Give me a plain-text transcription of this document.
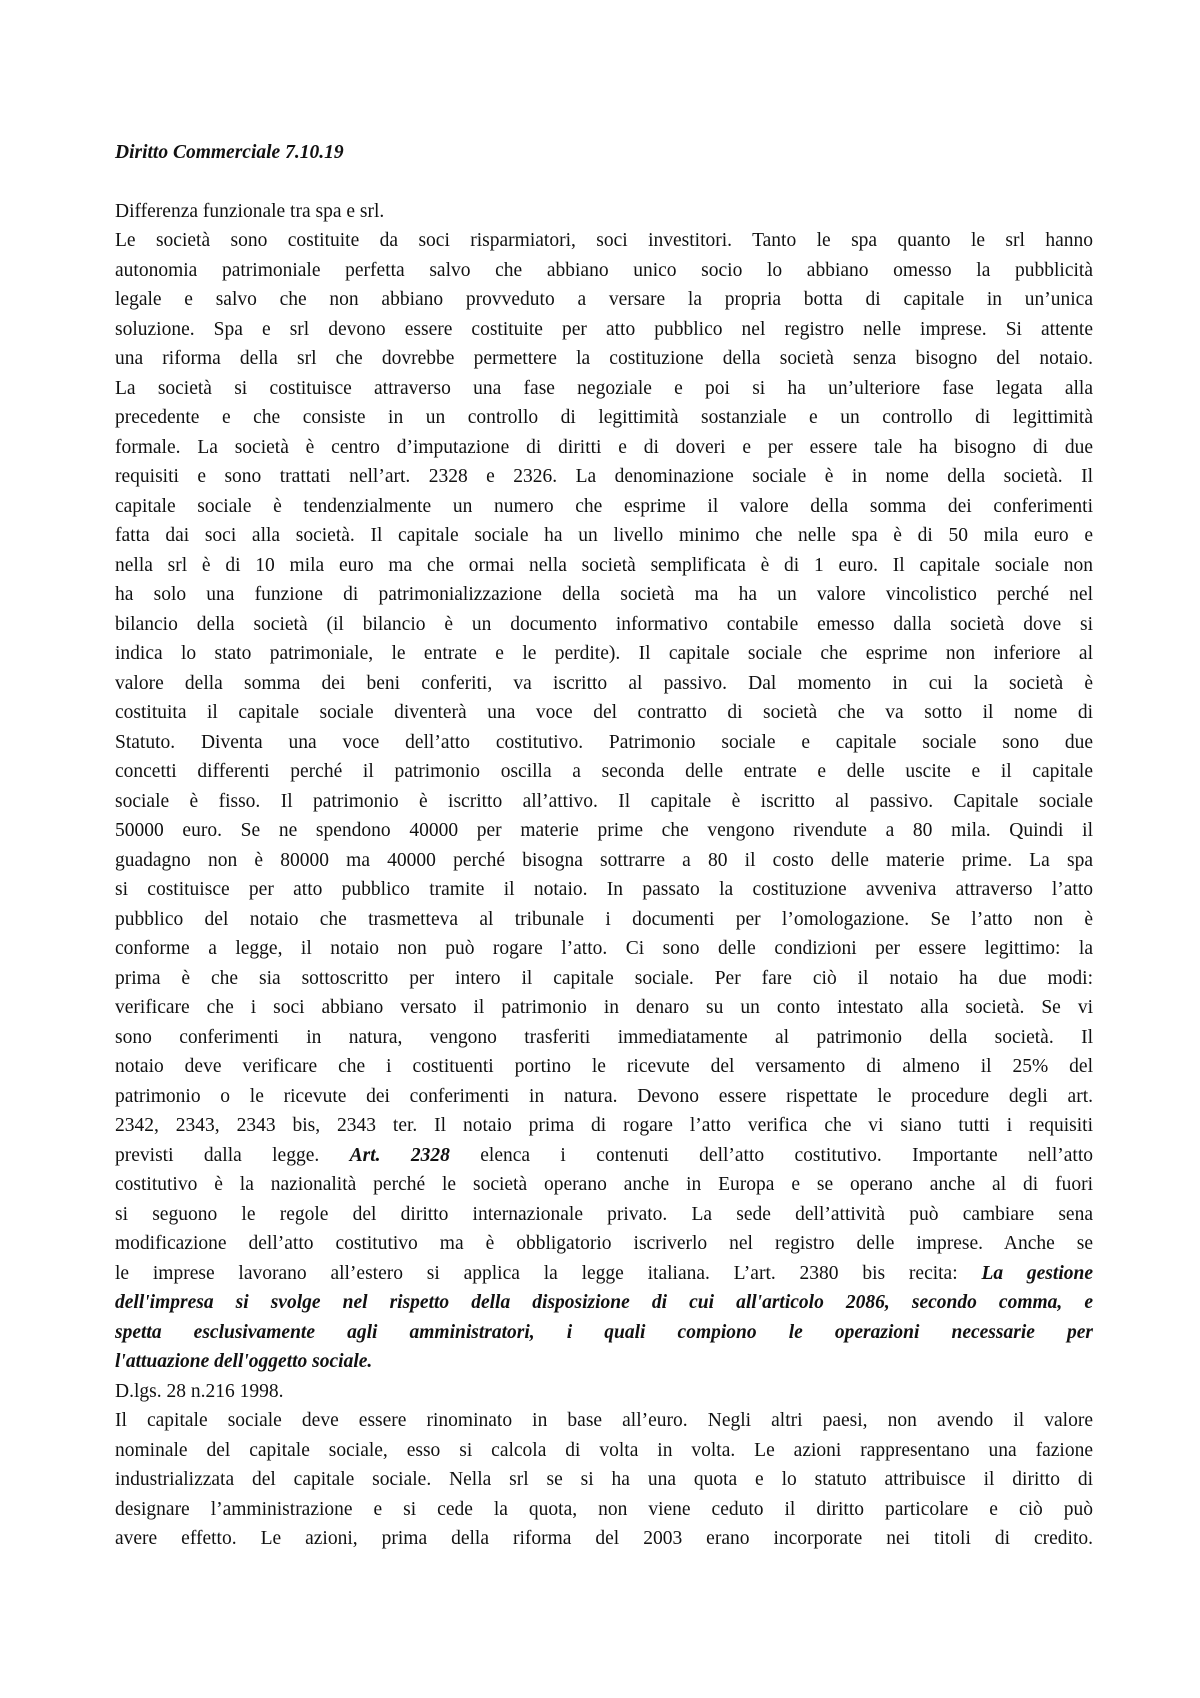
Diritto Commerciale 7.10.19
Differenza funzionale tra spa e srl.
Le società sono costituite da soci risparmiatori, soci investitori. Tanto le spa quanto le srl hanno
autonomia patrimoniale perfetta salvo che abbiano unico socio lo abbiano omesso la pubblicità
legale e salvo che non abbiano provveduto a versare la propria botta di capitale in un’unica
soluzione. Spa e srl devono essere costituite per atto pubblico nel registro nelle imprese. Si attente
una riforma della srl che dovrebbe permettere la costituzione della società senza bisogno del notaio.
La società si costituisce attraverso una fase negoziale e poi si ha un’ulteriore fase legata alla
precedente e che consiste in un controllo di legittimità sostanziale e un controllo di legittimità
formale. La società è centro d’imputazione di diritti e di doveri e per essere tale ha bisogno di due
requisiti e sono trattati nell’art. 2328 e 2326. La denominazione sociale è in nome della società. Il
capitale sociale è tendenzialmente un numero che esprime il valore della somma dei conferimenti
fatta dai soci alla società. Il capitale sociale ha un livello minimo che nelle spa è di 50 mila euro e
nella srl è di 10 mila euro ma che ormai nella società semplificata è di 1 euro. Il capitale sociale non
ha solo una funzione di patrimonializzazione della società ma ha un valore vincolistico perché nel
bilancio della società (il bilancio è un documento informativo contabile emesso dalla società dove si
indica lo stato patrimoniale, le entrate e le perdite). Il capitale sociale che esprime non inferiore al
valore della somma dei beni conferiti, va iscritto al passivo. Dal momento in cui la società è
costituita il capitale sociale diventerà una voce del contratto di società che va sotto il nome di
Statuto. Diventa una voce dell’atto costitutivo. Patrimonio sociale e capitale sociale sono due
concetti differenti perché il patrimonio oscilla a seconda delle entrate e delle uscite e il capitale
sociale è fisso. Il patrimonio è iscritto all’attivo. Il capitale è iscritto al passivo. Capitale sociale
50000 euro. Se ne spendono 40000 per materie prime che vengono rivendute a 80 mila. Quindi il
guadagno non è 80000 ma 40000 perché bisogna sottrarre a 80 il costo delle materie prime. La spa
si costituisce per atto pubblico tramite il notaio. In passato la costituzione avveniva attraverso l’atto
pubblico del notaio che trasmetteva al tribunale i documenti per l’omologazione. Se l’atto non è
conforme a legge, il notaio non può rogare l’atto. Ci sono delle condizioni per essere legittimo: la
prima è che sia sottoscritto per intero il capitale sociale. Per fare ciò il notaio ha due modi:
verificare che i soci abbiano versato il patrimonio in denaro su un conto intestato alla società. Se vi
sono conferimenti in natura, vengono trasferiti immediatamente al patrimonio della società. Il
notaio deve verificare che i costituenti portino le ricevute del versamento di almeno il 25% del
patrimonio o le ricevute dei conferimenti in natura. Devono essere rispettate le procedure degli art.
2342, 2343, 2343 bis, 2343 ter. Il notaio prima di rogare l’atto verifica che vi siano tutti i requisiti
previsti dalla legge. Art. 2328 elenca i contenuti dell’atto costitutivo. Importante nell’atto
costitutivo è la nazionalità perché le società operano anche in Europa e se operano anche al di fuori
si seguono le regole del diritto internazionale privato. La sede dell’attività può cambiare sena
modificazione dell’atto costitutivo ma è obbligatorio iscriverlo nel registro delle imprese. Anche se
le imprese lavorano all’estero si applica la legge italiana. L’art. 2380 bis recita: La gestione
dell'impresa si svolge nel rispetto della disposizione di cui all'articolo 2086, secondo comma, e
spetta esclusivamente agli amministratori, i quali compiono le operazioni necessarie per
l'attuazione dell'oggetto sociale.
D.lgs. 28 n.216 1998.
Il capitale sociale deve essere rinominato in base all’euro. Negli altri paesi, non avendo il valore
nominale del capitale sociale, esso si calcola di volta in volta. Le azioni rappresentano una fazione
industrializzata del capitale sociale. Nella srl se si ha una quota e lo statuto attribuisce il diritto di
designare l’amministrazione e si cede la quota, non viene ceduto il diritto particolare e ciò può
avere effetto. Le azioni, prima della riforma del 2003 erano incorporate nei titoli di credito.
